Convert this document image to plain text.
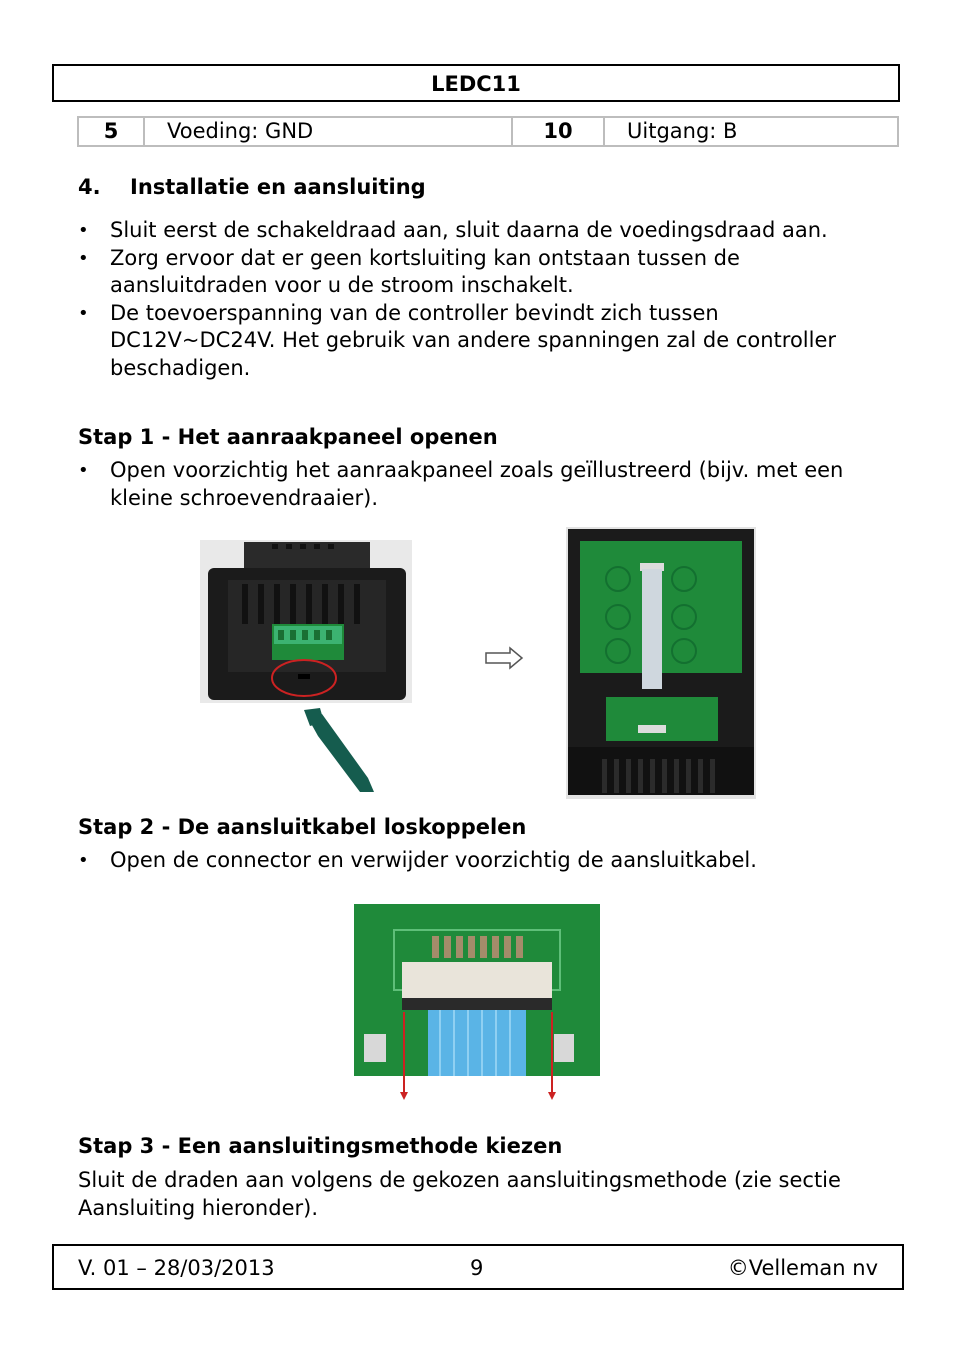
LEDC11
5	Voeding: GND	10	Uitgang: B
4. Installatie en aansluiting
• Sluit eerst de schakeldraad aan, sluit daarna de voedingsdraad aan.
• Zorg ervoor dat er geen kortsluiting kan ontstaan tussen de aansluitdraden voor u de stroom inschakelt.
• De toevoerspanning van de controller bevindt zich tussen DC12V~DC24V. Het gebruik van andere spanningen zal de controller beschadigen.

Stap 1 - Het aanraakpaneel openen

• Open voorzichtig het aanraakpaneel zoals geïllustreerd (bijv. met een kleine schroevendraaier).

Stap 2 - De aansluitkabel loskoppelen

• Open de connector en verwijder voorzichtig de aansluitkabel.

Stap 3 - Een aansluitingsmethode kiezen

Sluit de draden aan volgens de gekozen aansluitingsmethode (zie sectie Aansluiting hieronder).

V. 01 – 28/03/2013	9	©Velleman nv
